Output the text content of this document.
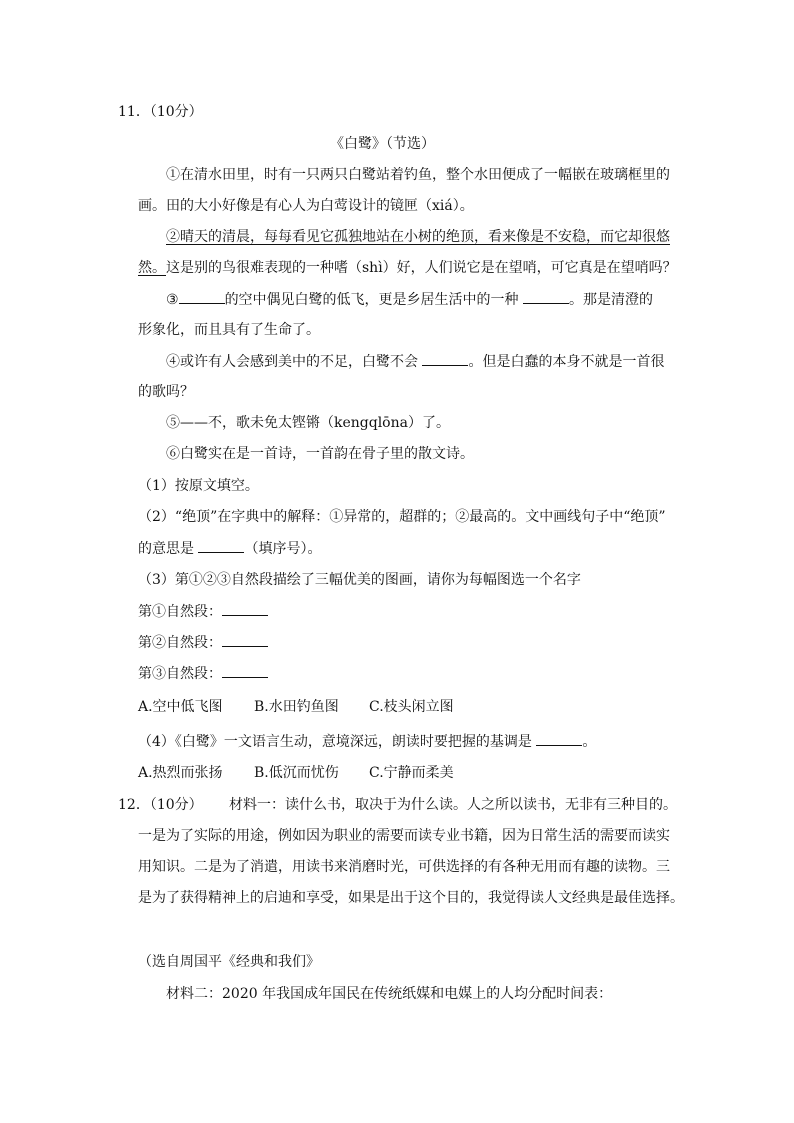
11．（10分）
《白鹭》（节选）
①在清水田里，时有一只两只白鹭站着钓鱼，整个水田便成了一幅嵌在玻璃框里的
画。田的大小好像是有心人为白莺设计的镜匣（xiá）。
②晴天的清晨，每每看见它孤独地站在小树的绝顶，看来像是不安稳，而它却很悠
然。这是别的鸟很难表现的一种嗜（shì）好，人们说它是在望哨，可它真是在望哨吗？
③	的空中偶见白鹭的低飞，更是乡居生活中的一种	。那是清澄的
形象化，而且具有了生命了。
④或许有人会感到美中的不足，白鹭不会	。但是白蠢的本身不就是一首很
的歌吗？
⑤——不，歌未免太铿锵（kengqlōna）了。
⑥白鹭实在是一首诗，一首韵在骨子里的散文诗。
（1）按原文填空。
（2）“绝顶”在字典中的解释：①异常的，超群的；②最高的。文中画线句子中“绝顶”
的意思是	（填序号）。
（3）第①②③自然段描绘了三幅优美的图画，请你为每幅图选一个名字
第①自然段：
第②自然段：
第③自然段：
A.空中低飞图 B.水田钓鱼图 C.枝头闲立图
（4）《白鹭》一文语言生动，意境深远，朗读时要把握的基调是	。
A.热烈而张扬 B.低沉而忧伤 C.宁静而柔美
12．（10分） 材料一：读什么书，取决于为什么读。人之所以读书，无非有三种目的。
一是为了实际的用途，例如因为职业的需要而读专业书籍，因为日常生活的需要而读实
用知识。二是为了消遣，用读书来消磨时光，可供选择的有各种无用而有趣的读物。三
是为了获得精神上的启迪和享受，如果是出于这个目的，我觉得读人文经典是最佳选择。
（选自周国平《经典和我们》
材料二：2020 年我国成年国民在传统纸媒和电媒上的人均分配时间表：
